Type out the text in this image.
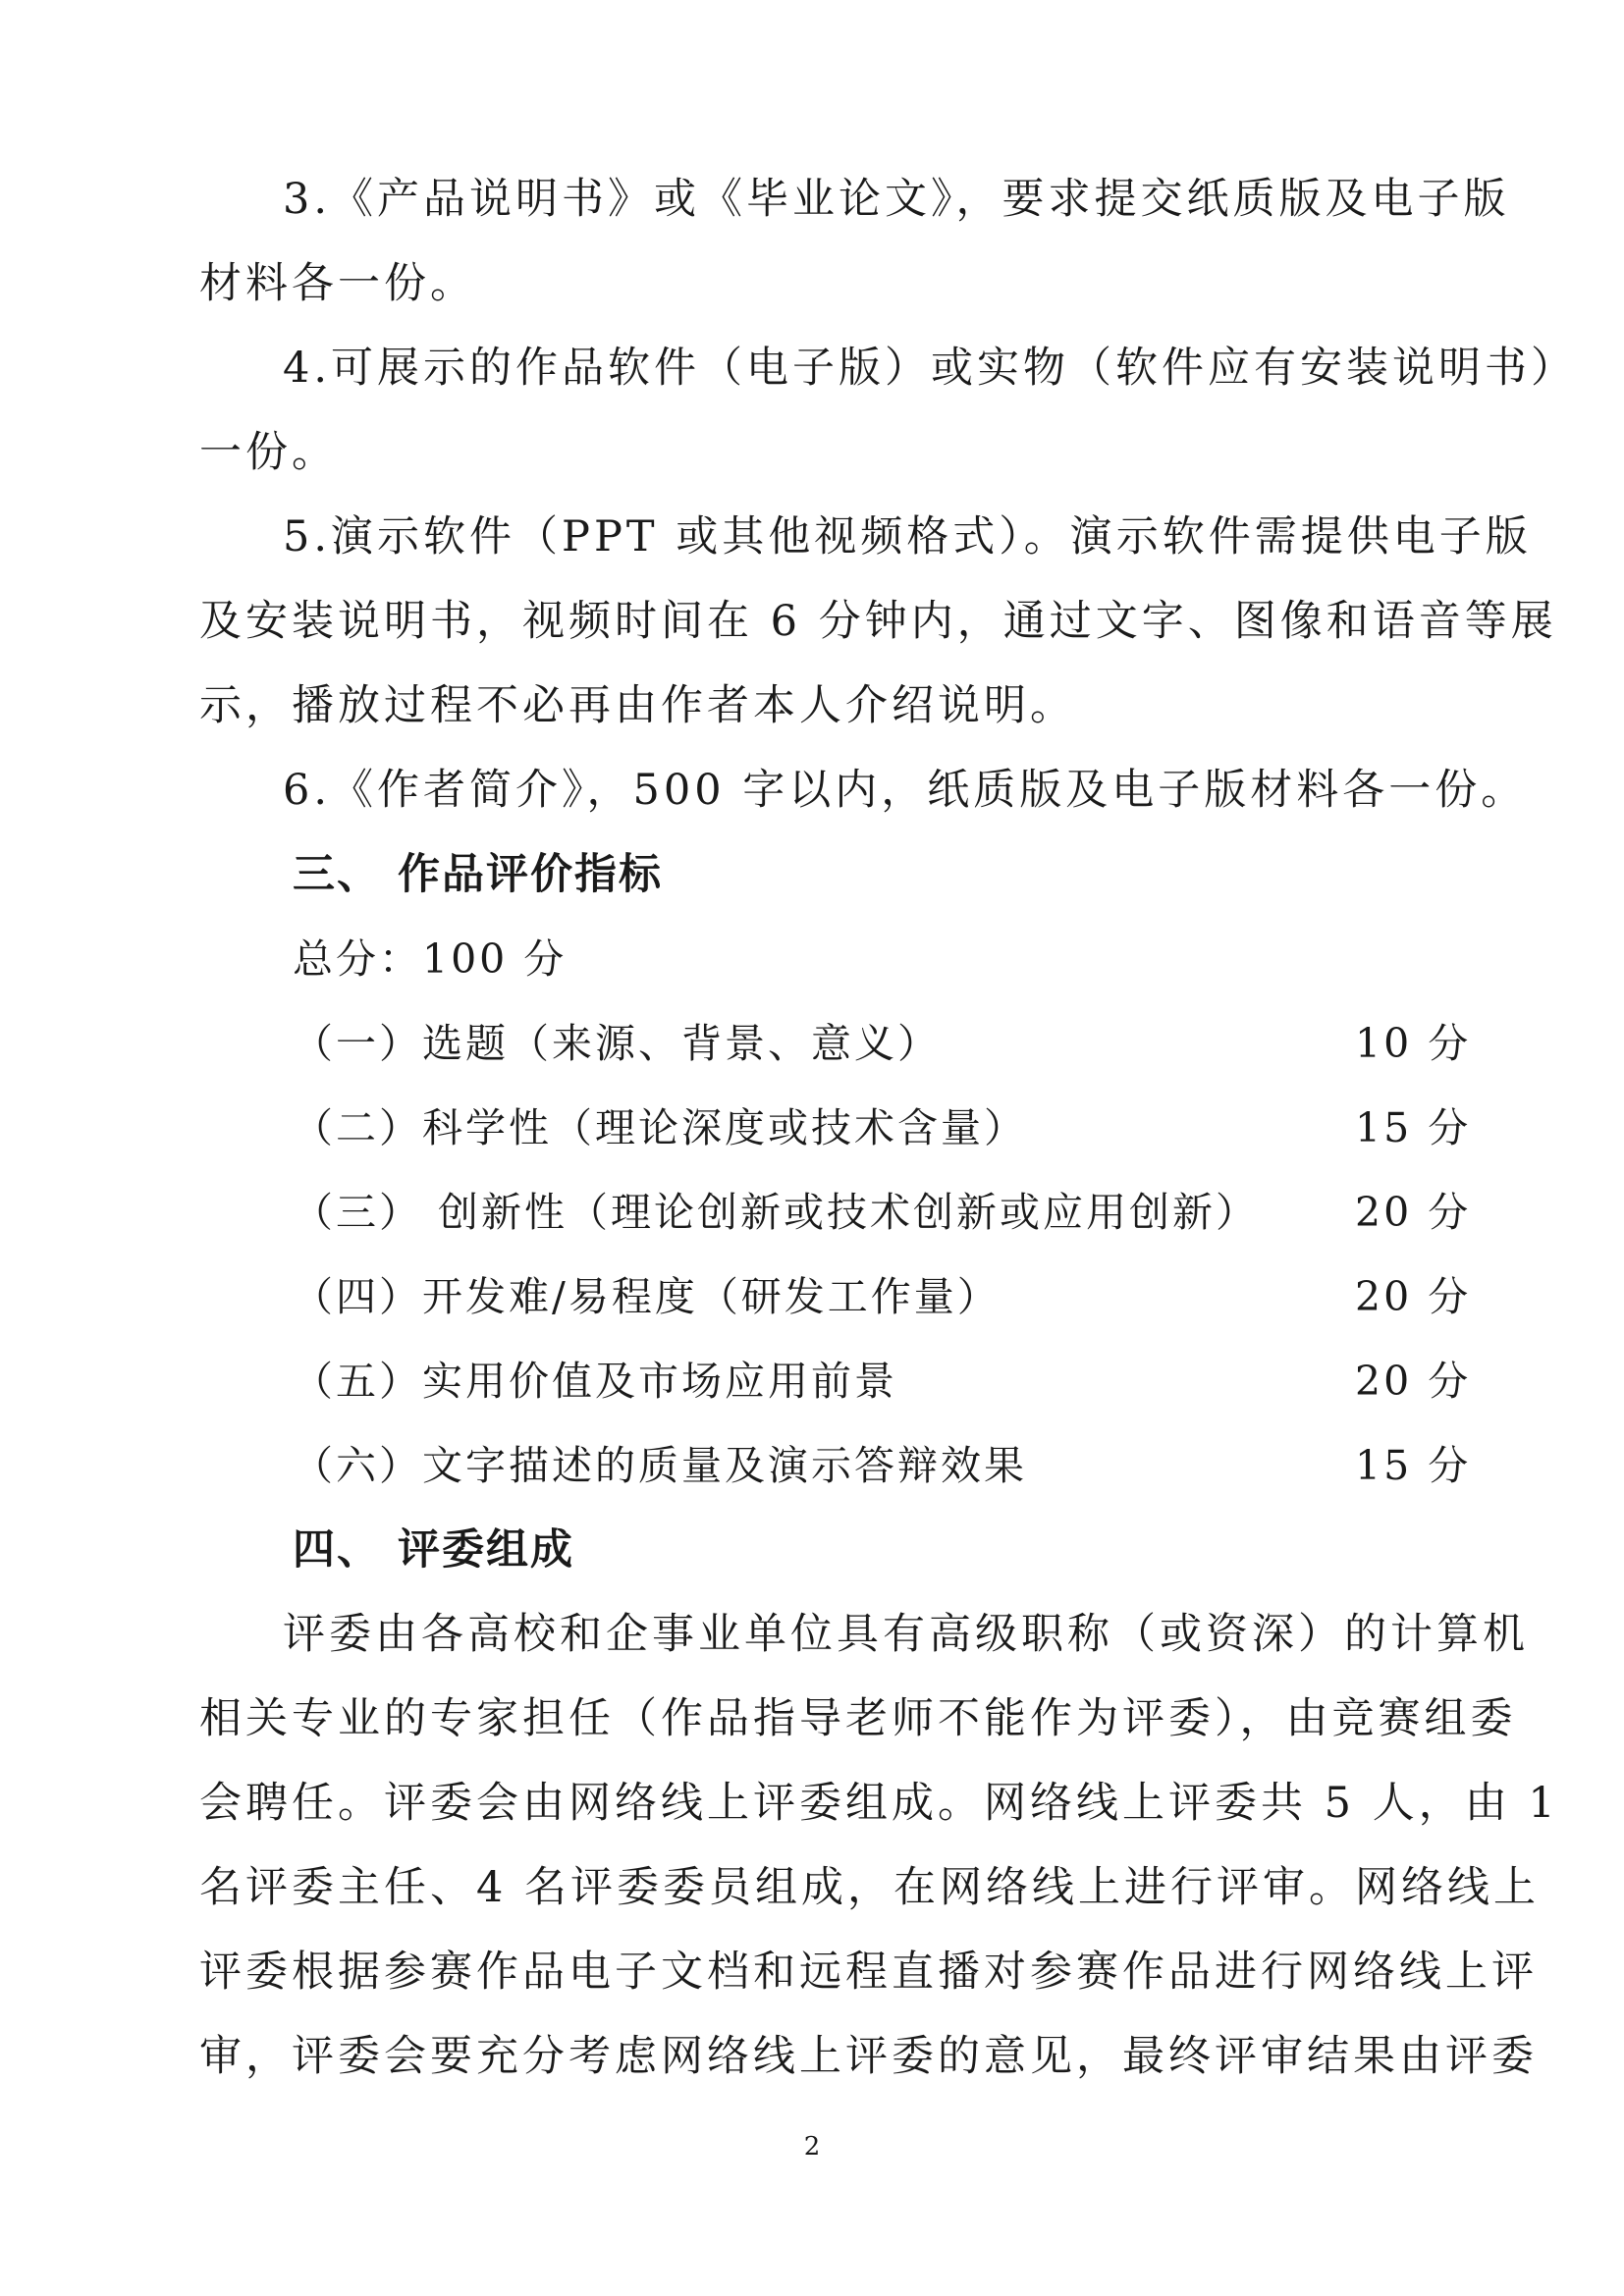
3.《产品说明书》或《毕业论文》，要求提交纸质版及电子版
材料各一份。
4.可展示的作品软件（电子版）或实物（软件应有安装说明书）
一份。
5.演示软件（PPT 或其他视频格式）。演示软件需提供电子版
及安装说明书，视频时间在 6 分钟内，通过文字、图像和语音等展
示，播放过程不必再由作者本人介绍说明。
6.《作者简介》，500 字以内，纸质版及电子版材料各一份。
三、 作品评价指标
总分：100 分
（一）选题（来源、背景、意义）	10 分
（二）科学性（理论深度或技术含量）	15 分
（三） 创新性（理论创新或技术创新或应用创新） 20 分
（四）开发难/易程度（研发工作量）	20 分
（五）实用价值及市场应用前景	20 分
（六）文字描述的质量及演示答辩效果	15 分
四、 评委组成
评委由各高校和企事业单位具有高级职称（或资深）的计算机
相关专业的专家担任（作品指导老师不能作为评委），由竞赛组委
会聘任。评委会由网络线上评委组成。网络线上评委共 5 人，由 1
名评委主任、4 名评委委员组成，在网络线上进行评审。网络线上
评委根据参赛作品电子文档和远程直播对参赛作品进行网络线上评
审，评委会要充分考虑网络线上评委的意见，最终评审结果由评委
2
